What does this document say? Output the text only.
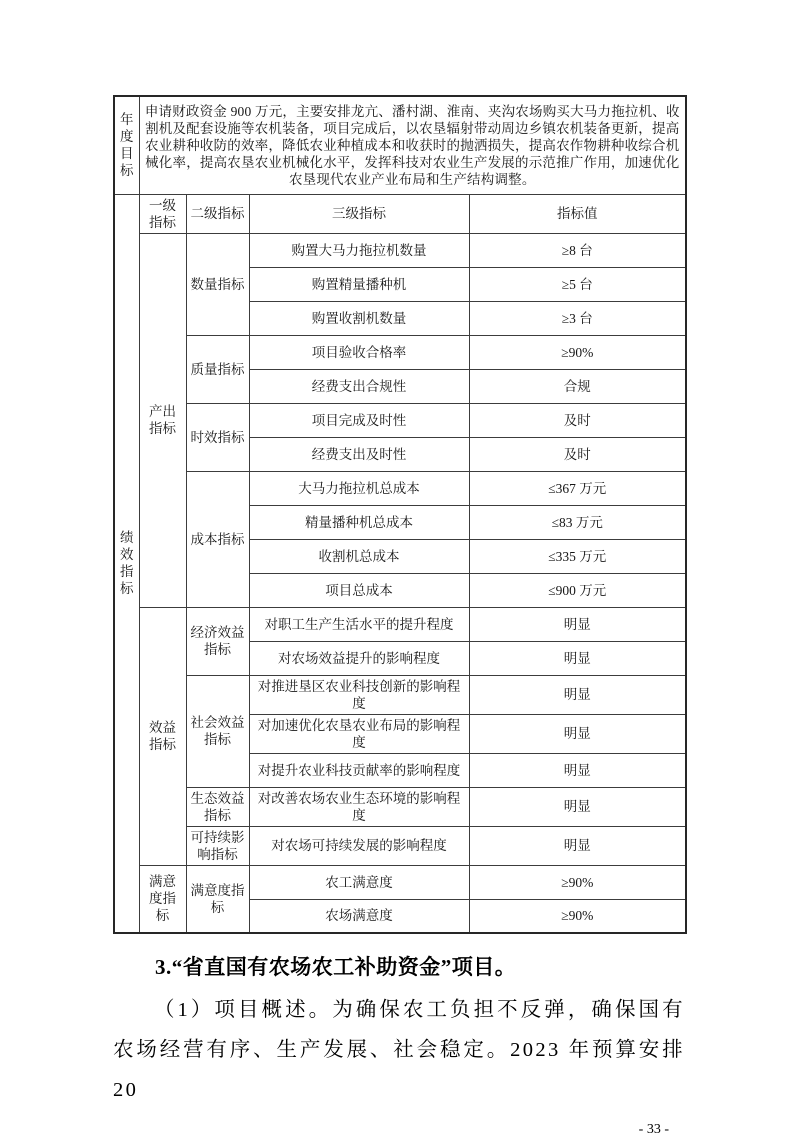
年度目标	申请财政资金 900 万元，主要安排龙亢、潘村湖、淮南、夹沟农场购买大马力拖拉机、收割机及配套设施等农机装备，项目完成后，以农垦辐射带动周边乡镇农机装备更新，提高农业耕种收防的效率，降低农业种植成本和收获时的抛洒损失，提高农作物耕种收综合机械化率，提高农垦农业机械化水平，发挥科技对农业生产发展的示范推广作用，加速优化农垦现代农业产业布局和生产结构调整。			
绩效指标	一级指标	二级指标	三级指标	指标值
	产出指标	数量指标	购置大马力拖拉机数量	≥8 台
			购置精量播种机	≥5 台
			购置收割机数量	≥3 台
		质量指标	项目验收合格率	≥90%
			经费支出合规性	合规
		时效指标	项目完成及时性	及时
			经费支出及时性	及时
		成本指标	大马力拖拉机总成本	≤367 万元
			精量播种机总成本	≤83 万元
			收割机总成本	≤335 万元
			项目总成本	≤900 万元
	效益指标	经济效益指标	对职工生产生活水平的提升程度	明显
			对农场效益提升的影响程度	明显
		社会效益指标	对推进垦区农业科技创新的影响程度	明显
			对加速优化农垦农业布局的影响程度	明显
			对提升农业科技贡献率的影响程度	明显
		生态效益指标	对改善农场农业生态环境的影响程度	明显
		可持续影响指标	对农场可持续发展的影响程度	明显
	满意度指标	满意度指标	农工满意度	≥90%
			农场满意度	≥90%
3.“省直国有农场农工补助资金”项目。

（1）项目概述。为确保农工负担不反弹，确保国有农场经营有序、生产发展、社会稳定。2023 年预算安排 20

- 33 -
